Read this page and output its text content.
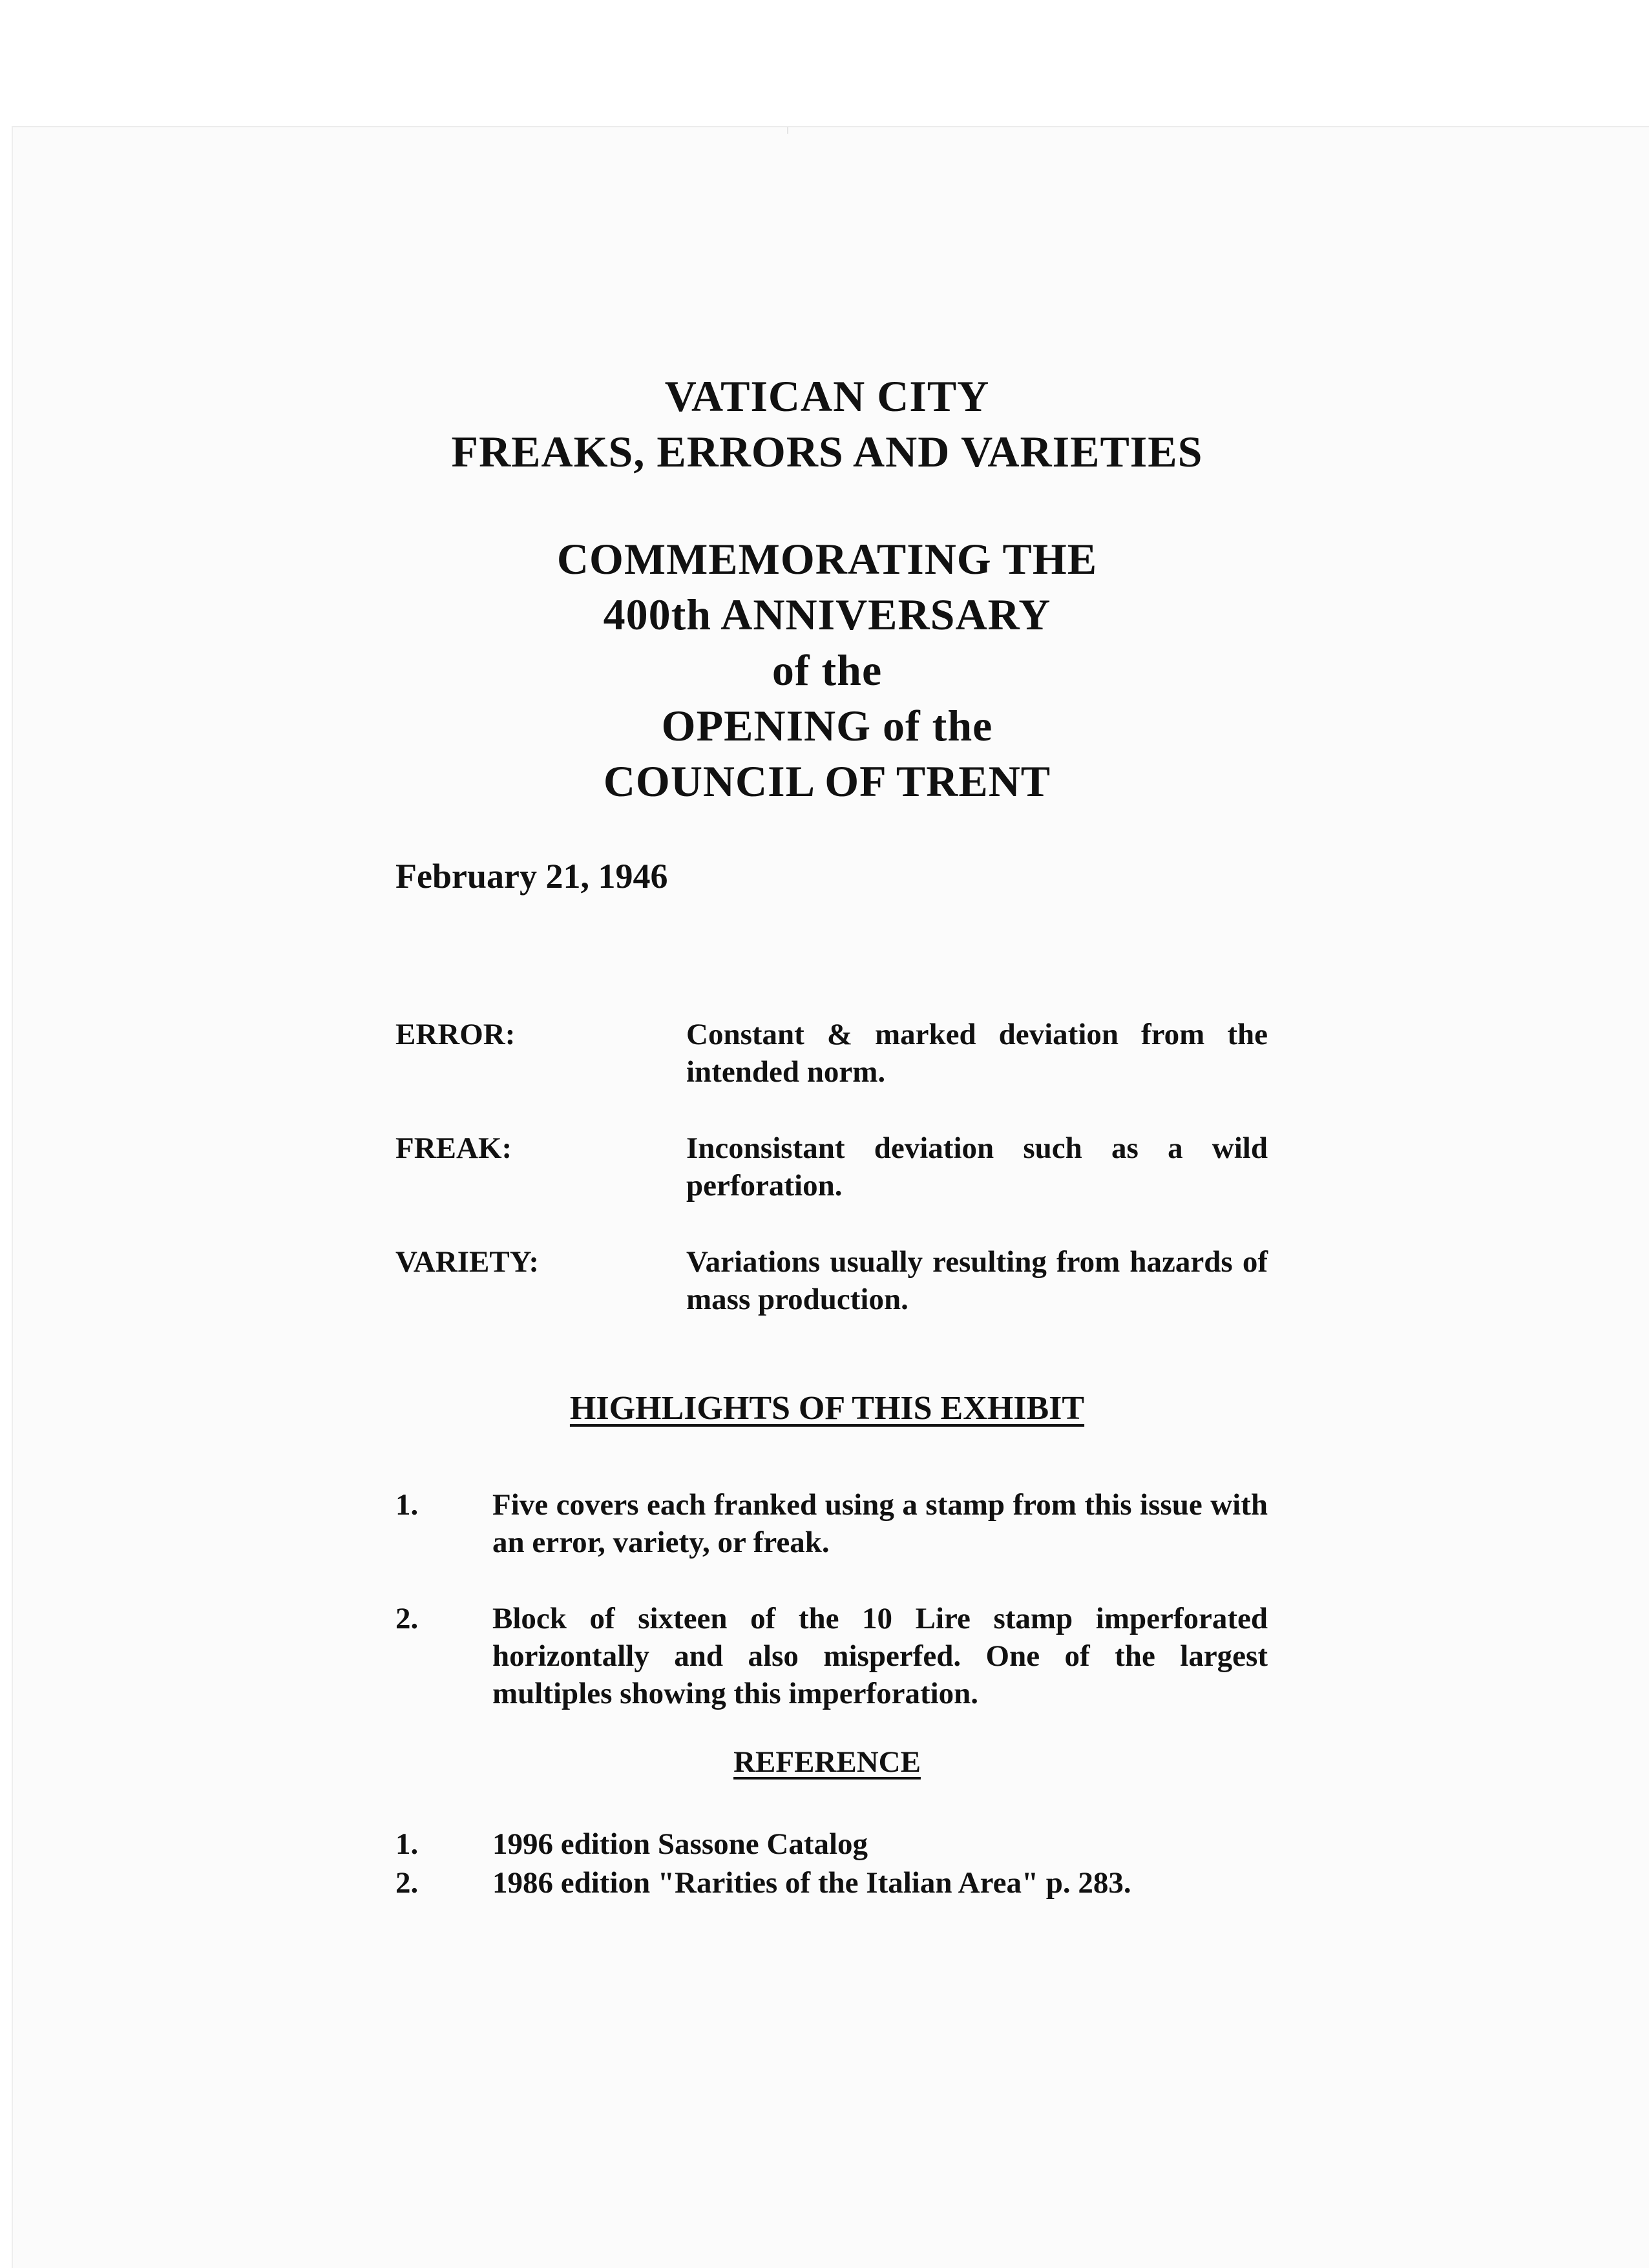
VATICAN CITY
FREAKS, ERRORS AND VARIETIES
COMMEMORATING THE
400th ANNIVERSARY
of the
OPENING of the
COUNCIL OF TRENT
February 21, 1946
ERROR:	Constant & marked deviation from the intended norm.
FREAK:	Inconsistant deviation such as a wild perforation.
VARIETY:	Variations usually resulting from hazards of mass production.
HIGHLIGHTS OF THIS EXHIBIT
1. Five covers each franked using a stamp from this issue with an error, variety, or freak.
2. Block of sixteen of the 10 Lire stamp imperforated horizontally and also misperfed. One of the largest multiples showing this imperforation.
REFERENCE
1. 1996 edition Sassone Catalog
2. 1986 edition "Rarities of the Italian Area" p. 283.
